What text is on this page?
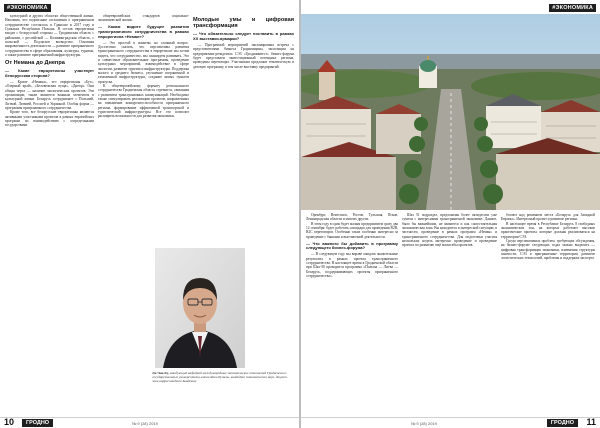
#ЭКОНОМИКА

культурной и других областях общественной жизни. Напомню, что подписание соглашения о приграничном сотрудничестве состоялось в Гданьске в 2017 году в Сувалках Республики Польша. В состав еврорегиона входят с белорусской стороны — Гродненская область с районами, с российской — Калининградская область, с польской — Подляское воеводство. Основная направленность деятельности — развитие приграничного сотрудничества в сфере образования, культуры, туризма, а также развитие приграничной инфраструктуры.

От Немана до Днепра
— Какие еврорегионы участвует белорусская сторона?

— Кроме «Немана», это еврорегионы «Буг», «Озерный край», «Беловежская пуща», «Днепр». Они общая черта — наличие экологических проектов. Эти организации, также являются важным элементом в культурной жизни. Беларусь сотрудничает с Польшей, Литвой, Латвией, Россией и Украиной. Особая форма — программы приграничного сотрудничества.

Кроме того, все белорусские еврорегионы являются активными участниками проектов в рамках европейских программ по взаимодействию с сопредельными государствами.

общеевропейских стандартов социально-экономической жизни.

— Каким видите будущее развития трансграничного сотрудничества в рамках еврорегиона «Неман»?

— Это простой в понятии, но сложный вопрос. Достаточно сказать, что перспективы развития трансграничного сотрудничества в еврорегионе мы хотим видеть, что сотрудничество, мы планируем развивать. Это и совместные образовательные программы, проведение культурных мероприятий, взаимодействие в сфере экологии, развитие туризма и инфраструктуры. Поддержка малого и среднего бизнеса, улучшение пограничной и таможенной инфраструктуры, создание новых пунктов пропуска.

К общеевропейскому формату регионального сотрудничества Гродненская область стремится, связанная с развитием трансграничных коммуникаций. Необходимо также стимулировать реализацию проектов, направленных на повышение конкурентоспособности приграничного региона, формирование эффективной транспортной и туристической инфраструктуры. Все это позволит расширить возможности для развития экономики.

Молодые умы и цифровая трансформация
— Что обязательно следует поставить в рамках XX выставки-ярмарки?

— Программой мероприятий запланирована встреча с представителями бизнеса Гродненщины, экспозиция на предприятиях-резидентах СЭЗ «Гродноинвест» бизнес-форума будет представлен инвестиционный потенциал региона, проведены переговоры. Участникам предложат тематическую и деловую программу, в том числе выставку предприятий.

Ли Чон Ку, заведующий кафедрой международных экономических отношений Гродненского государственного университета имени Янки Купалы, кандидат экономических наук, доцент, член-корреспондент Академии
10	ГРОДНО	№ 9 (28) 2019
#ЭКОНОМИКА

Оренбург, Вентспилс, Ростов, Тульская, Псков, Ленинградская области и многих других.

В этом году в один будет малым предприятием сразу два 12 сентября: будет работать площадка для проведения B2B, B2C переговоров. Особенно таких особенно интересно за проведение с банками и выставочной деятельности.

— Что важного бы добавить в программу следующего бизнес-форума?

— В следующем году мы вправе ожидать значительные результаты в рамках проекта трансграничного сотрудничества. В настоящее время в Гродненской области при Шах-50 проводится программа «Польша — Литва — Беларусь, поддерживающих проекты приграничного сотрудничества».

Шах 51 подраздел, предложены более пятидесяти уже сумели с интересными трансграничной экономике. Данное, было бы важнейшим, не являются и как самостоятельная экономическая зона. Вы находитесь в интересной ситуации, в частности, проведение в рамках программ «Неман» и трансграничного сотрудничества. Для подготовки участия нескольких недель интересно проведение и проведение проекта по развитию ещё масштабы проектов.

ботают над решением места «Беларусь для Западной Европы». Интересный проект и развитие региона.

В настоящее время в Республике Беларусь 8 свободных экономических зон, на которых работают высокие практические проекты, которые должны реализоваться на территории СЭЗ.

Среди перспективных проблем, требующих обсуждения, на бизнес-форуме следующих годах можно выделить — цифровая трансформация экономики, изменения структуры занятости, СЭЗ и приграничные территории, развитие логистических технологий, проблемы и поддержка экспорта.

№ 9 (28) 2019	ГРОДНО	11
